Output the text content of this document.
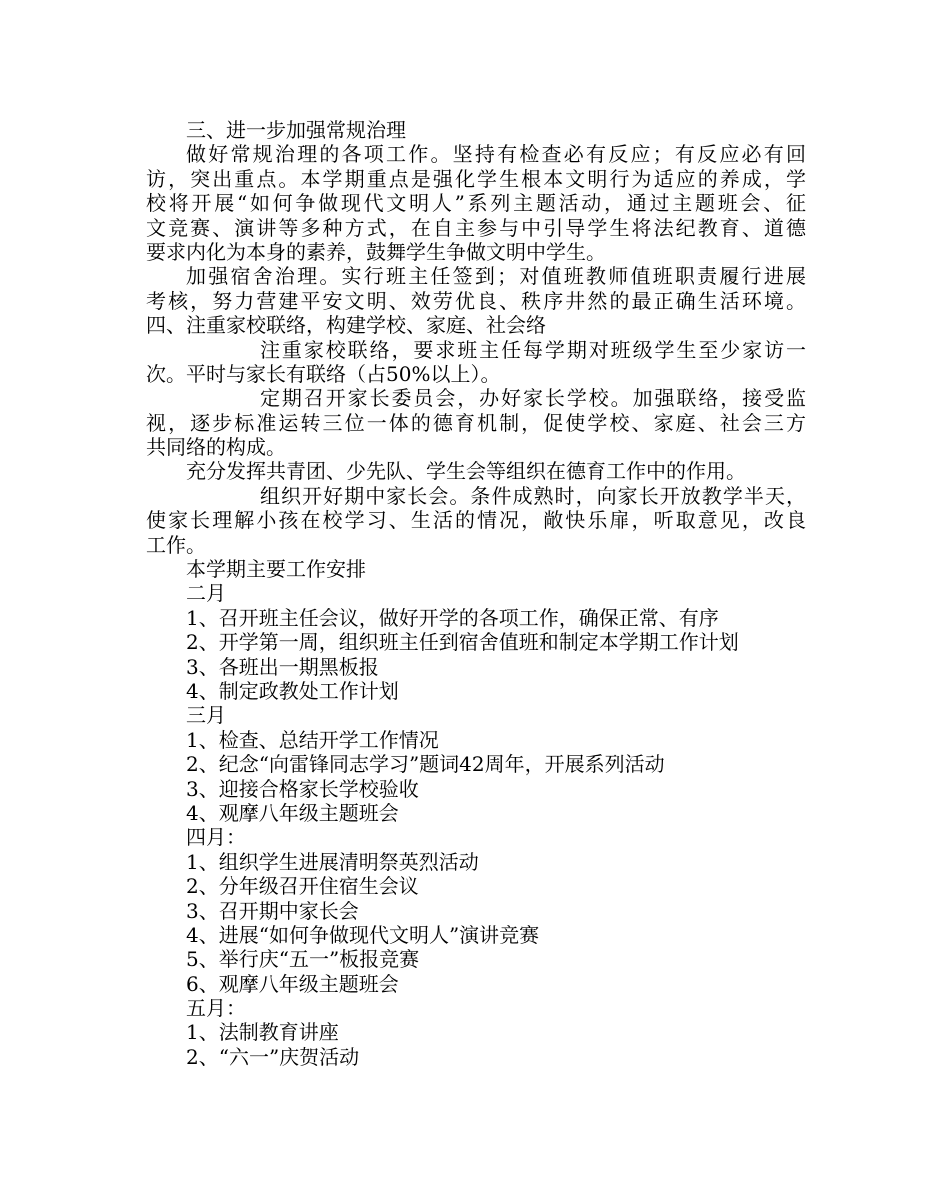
三、进一步加强常规治理

做好常规治理的各项工作。坚持有检查必有反应；有反应必有回

访，突出重点。本学期重点是强化学生根本文明行为适应的养成，学

校将开展“如何争做现代文明人”系列主题活动，通过主题班会、征

文竞赛、演讲等多种方式，在自主参与中引导学生将法纪教育、道德

要求内化为本身的素养，鼓舞学生争做文明中学生。

加强宿舍治理。实行班主任签到；对值班教师值班职责履行进展

考核，努力营建平安文明、效劳优良、秩序井然的最正确生活环境。

四、注重家校联络，构建学校、家庭、社会络

注重家校联络，要求班主任每学期对班级学生至少家访一

次。平时与家长有联络（占50%以上）。

定期召开家长委员会，办好家长学校。加强联络，接受监

视，逐步标准运转三位一体的德育机制，促使学校、家庭、社会三方

共同络的构成。

充分发挥共青团、少先队、学生会等组织在德育工作中的作用。

组织开好期中家长会。条件成熟时，向家长开放教学半天，

使家长理解小孩在校学习、生活的情况，敞快乐扉，听取意见，改良

工作。

本学期主要工作安排

二月

1、召开班主任会议，做好开学的各项工作，确保正常、有序

2、开学第一周，组织班主任到宿舍值班和制定本学期工作计划

3、各班出一期黑板报

4、制定政教处工作计划

三月

1、检查、总结开学工作情况

2、纪念“向雷锋同志学习”题词42周年，开展系列活动

3、迎接合格家长学校验收

4、观摩八年级主题班会

四月：

1、组织学生进展清明祭英烈活动

2、分年级召开住宿生会议

3、召开期中家长会

4、进展“如何争做现代文明人”演讲竞赛

5、举行庆“五一”板报竞赛

6、观摩八年级主题班会

五月：

1、法制教育讲座

2、“六一”庆贺活动
